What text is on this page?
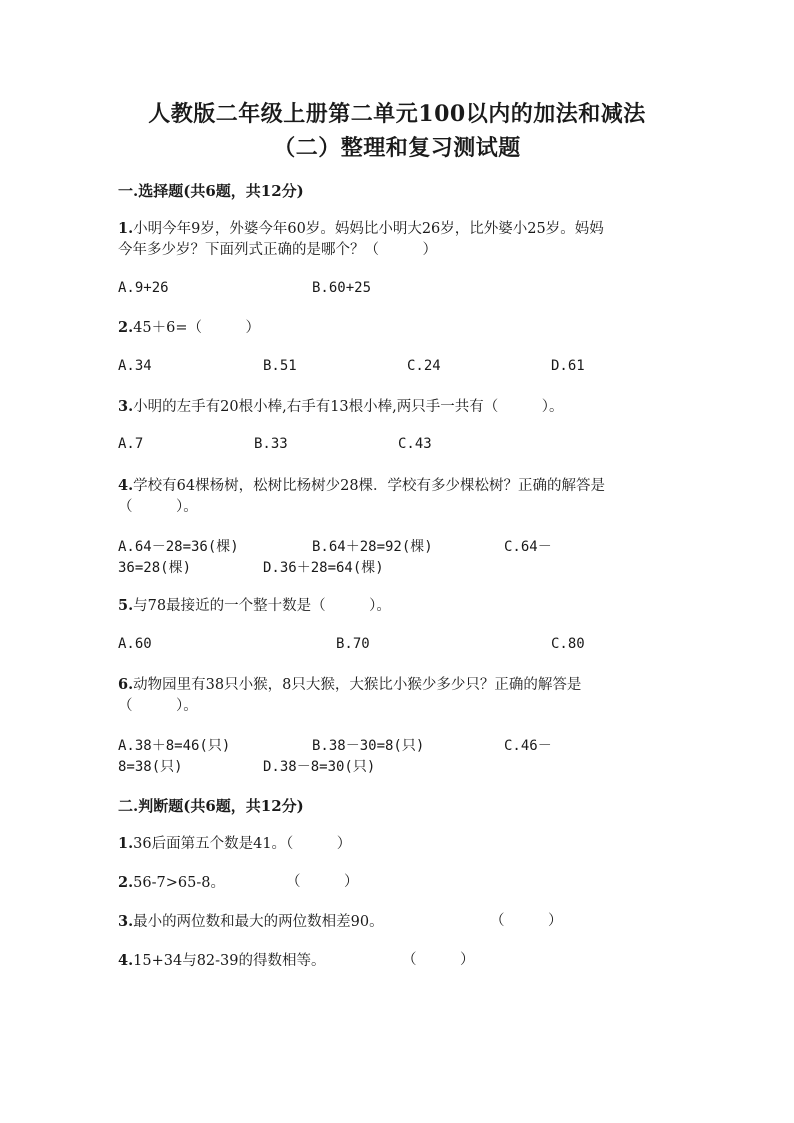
人教版二年级上册第二单元100以内的加法和减法
（二）整理和复习测试题
一.选择题(共6题，共12分)
1.小明今年9岁，外婆今年60岁。妈妈比小明大26岁，比外婆小25岁。妈妈
今年多少岁？下面列式正确的是哪个？（　　　）
A.9+26	B.60+25
2.45＋6=（　　　）
A.34	B.51	C.24	D.61
3.小明的左手有20根小棒,右手有13根小棒,两只手一共有（　　　）。
A.7	B.33	C.43
4.学校有64棵杨树，松树比杨树少28棵．学校有多少棵松树？正确的解答是
（　　　）。
A.64－28=36(棵)	B.64＋28=92(棵)	C.64－
36=28(棵)	D.36＋28=64(棵)
5.与78最接近的一个整十数是（　　　）。
A.60	B.70	C.80
6.动物园里有38只小猴，8只大猴，大猴比小猴少多少只？正确的解答是
（　　　）。
A.38＋8=46(只)	B.38－30=8(只)	C.46－
8=38(只)	D.38－8=30(只)
二.判断题(共6题，共12分)
1.36后面第五个数是41。（　　　）
2.56-7>65-8。	（　　　）
3.最小的两位数和最大的两位数相差90。	（　　　）
4.15+34与82-39的得数相等。	（　　　）
